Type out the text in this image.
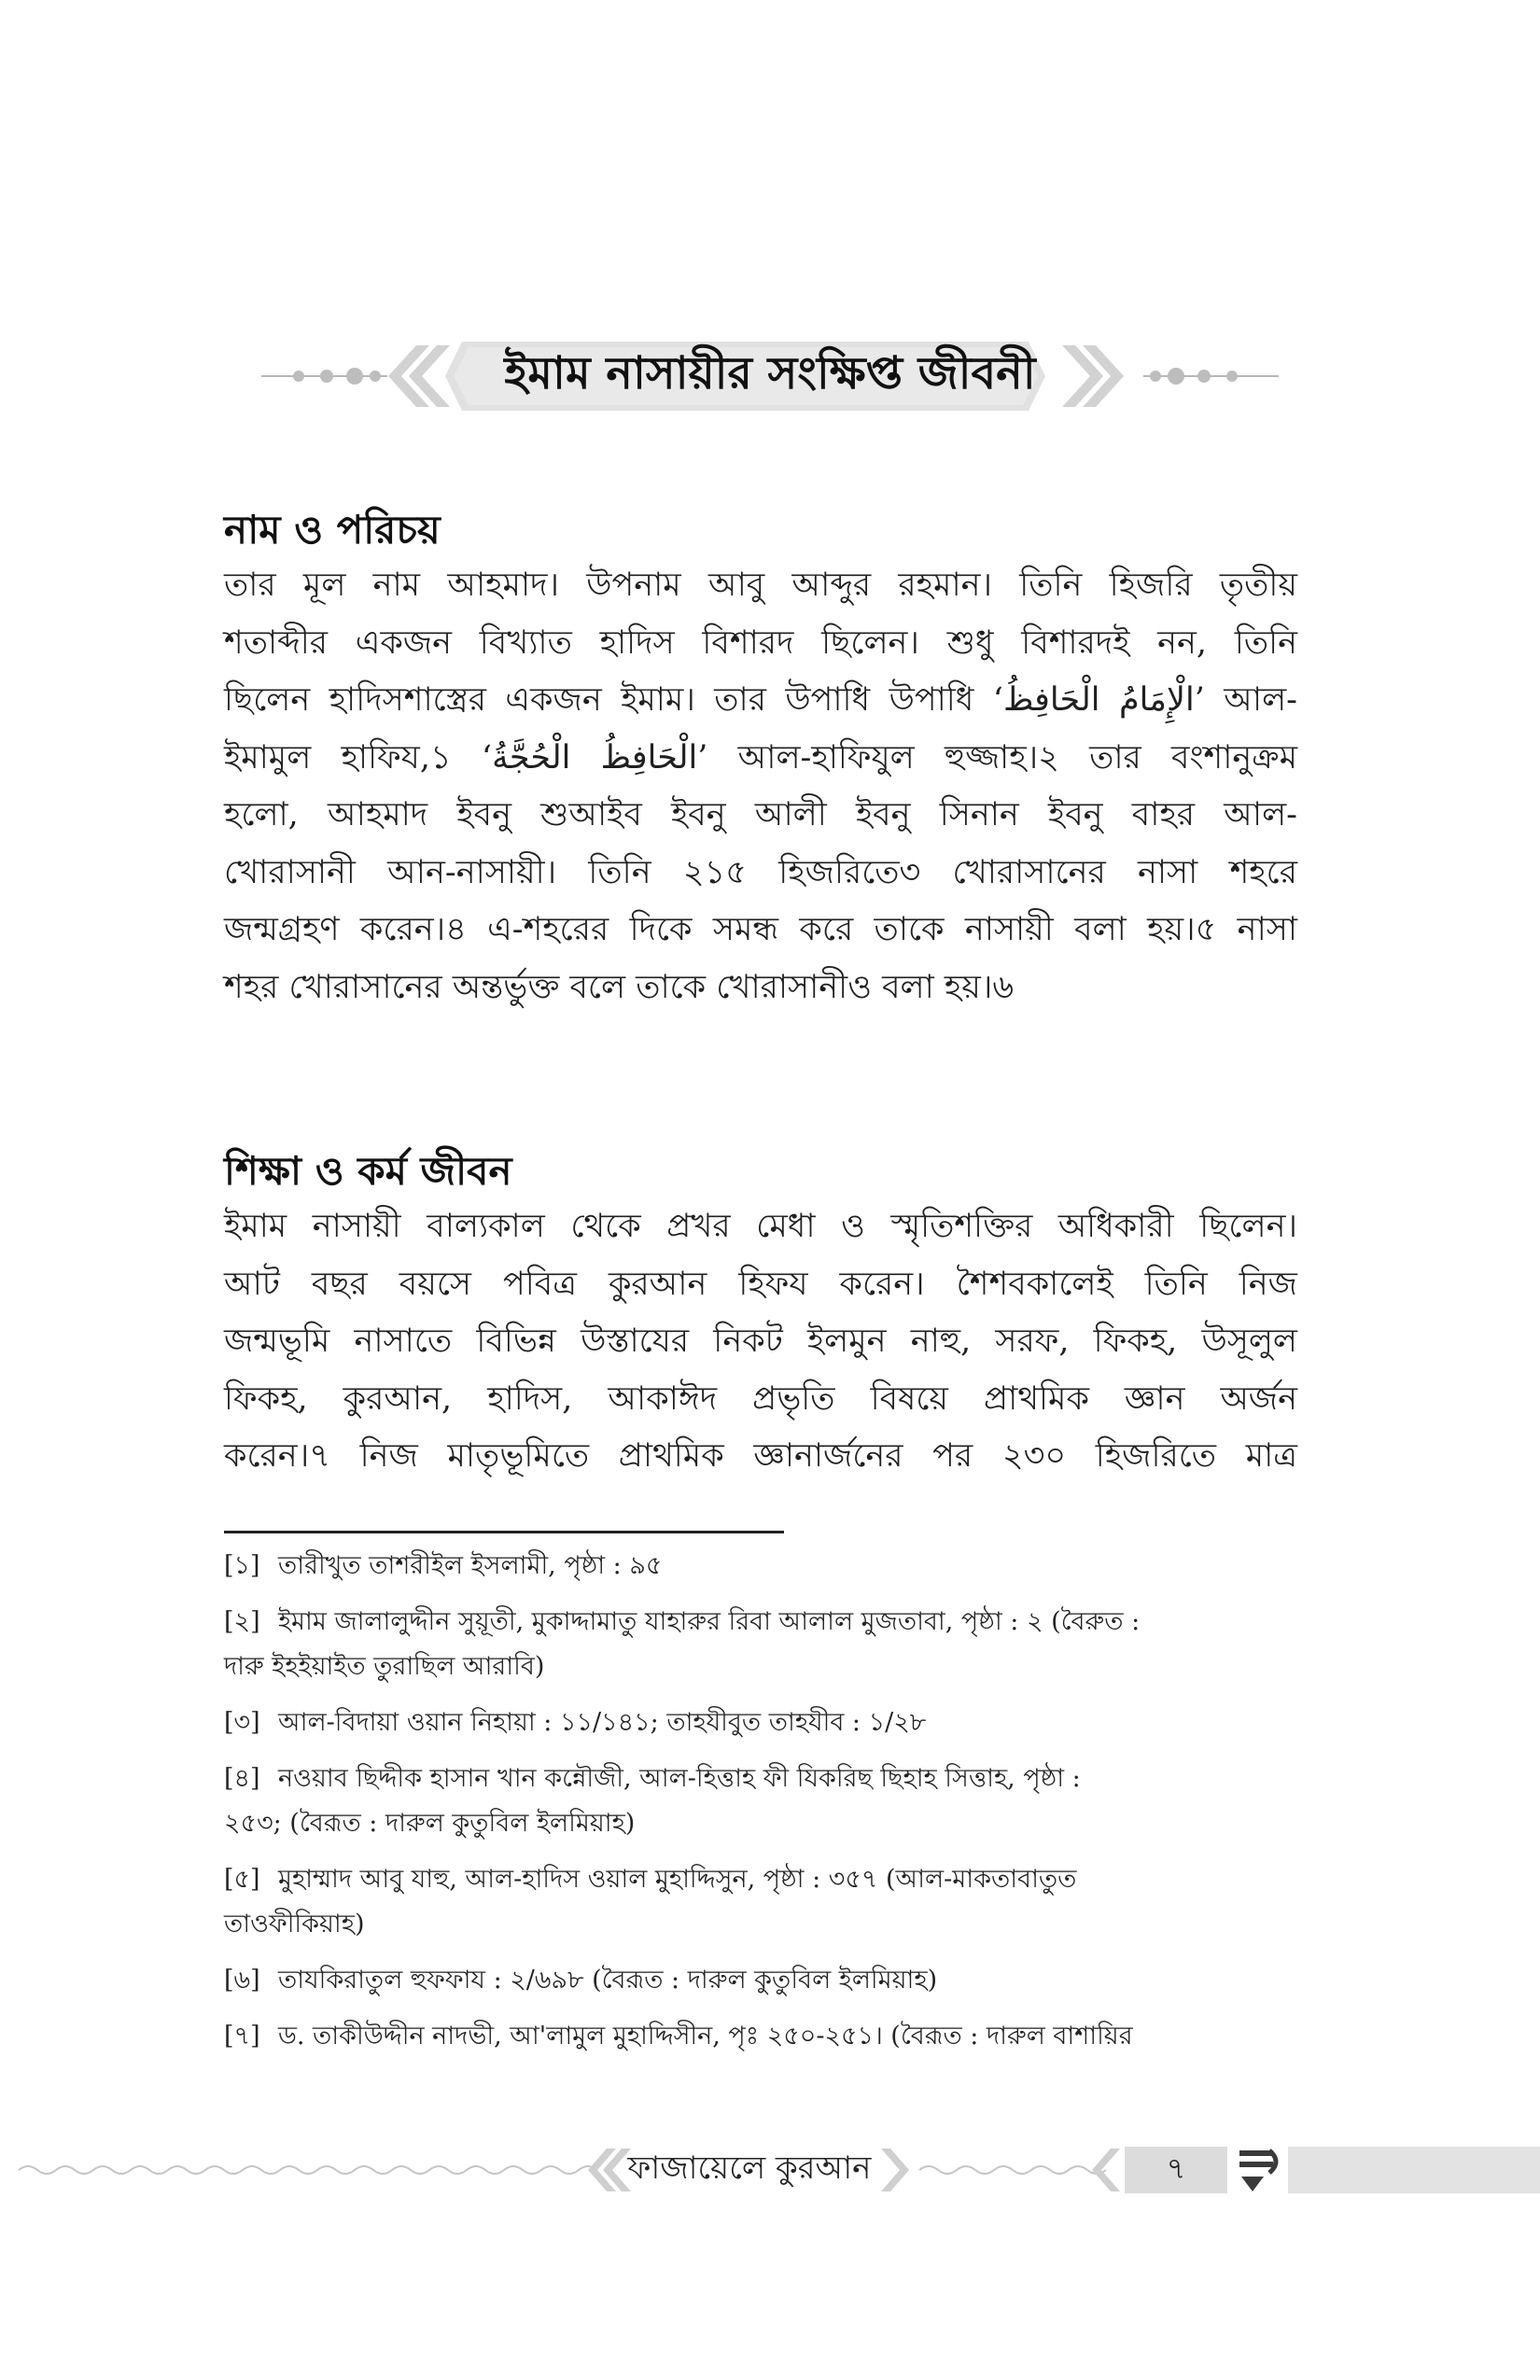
ইমাম নাসায়ীর সংক্ষিপ্ত জীবনী
নাম ও পরিচয়
তার মূল নাম আহমাদ। উপনাম আবু আব্দুর রহমান। তিনি হিজরি তৃতীয়
শতাব্দীর একজন বিখ্যাত হাদিস বিশারদ ছিলেন। শুধু বিশারদই নন, তিনি
ছিলেন হাদিসশাস্ত্রের একজন ইমাম। তার উপাধি উপাধি ‘الْإِمَامُ الْحَافِظُ’ আল-
ইমামুল হাফিয,১ ‘الْحَافِظُ الْحُجَّةُ’ আল-হাফিযুল হুজ্জাহ।২ তার বংশানুক্রম
হলো, আহমাদ ইবনু শুআইব ইবনু আলী ইবনু সিনান ইবনু বাহর আল-
খোরাসানী আন-নাসায়ী। তিনি ২১৫ হিজরিতে৩ খোরাসানের নাসা শহরে
জন্মগ্রহণ করেন।৪ এ-শহরের দিকে সমন্ধ করে তাকে নাসায়ী বলা হয়।৫ নাসা
শহর খোরাসানের অন্তর্ভুক্ত বলে তাকে খোরাসানীও বলা হয়।৬
শিক্ষা ও কর্ম জীবন
ইমাম নাসায়ী বাল্যকাল থেকে প্রখর মেধা ও স্মৃতিশক্তির অধিকারী ছিলেন।
আট বছর বয়সে পবিত্র কুরআন হিফয করেন। শৈশবকালেই তিনি নিজ
জন্মভূমি নাসাতে বিভিন্ন উস্তাযের নিকট ইলমুন নাহু, সরফ, ফিকহ, উসূলুল
ফিকহ, কুরআন, হাদিস, আকাঈদ প্রভৃতি বিষয়ে প্রাথমিক জ্ঞান অর্জন
করেন।৭ নিজ মাতৃভূমিতে প্রাথমিক জ্ঞানার্জনের পর ২৩০ হিজরিতে মাত্র
[১] তারীখুত তাশরীইল ইসলামী, পৃষ্ঠা : ৯৫
[২] ইমাম জালালুদ্দীন সুয়ূতী, মুকাদ্দামাতু যাহারুর রিবা আলাল মুজতাবা, পৃষ্ঠা : ২ (বৈরুত :
দারু ইহইয়াইত তুরাছিল আরাবি)
[৩] আল-বিদায়া ওয়ান নিহায়া : ১১/১৪১; তাহযীবুত তাহযীব : ১/২৮
[৪] নওয়াব ছিদ্দীক হাসান খান কন্নৌজী, আল-হিত্তাহ ফী যিকরিছ ছিহাহ সিত্তাহ, পৃষ্ঠা :
২৫৩; (বৈরূত : দারুল কুতুবিল ইলমিয়াহ)
[৫] মুহাম্মাদ আবু যাহু, আল-হাদিস ওয়াল মুহাদ্দিসুন, পৃষ্ঠা : ৩৫৭ (আল-মাকতাবাতুত
তাওফীকিয়াহ)
[৬] তাযকিরাতুল হুফফায : ২/৬৯৮ (বৈরূত : দারুল কুতুবিল ইলমিয়াহ)
[৭] ড. তাকীউদ্দীন নাদভী, আ'লামুল মুহাদ্দিসীন, পৃঃ ২৫০-২৫১। (বৈরূত : দারুল বাশায়ির
ফাজায়েলে কুরআন	৭
